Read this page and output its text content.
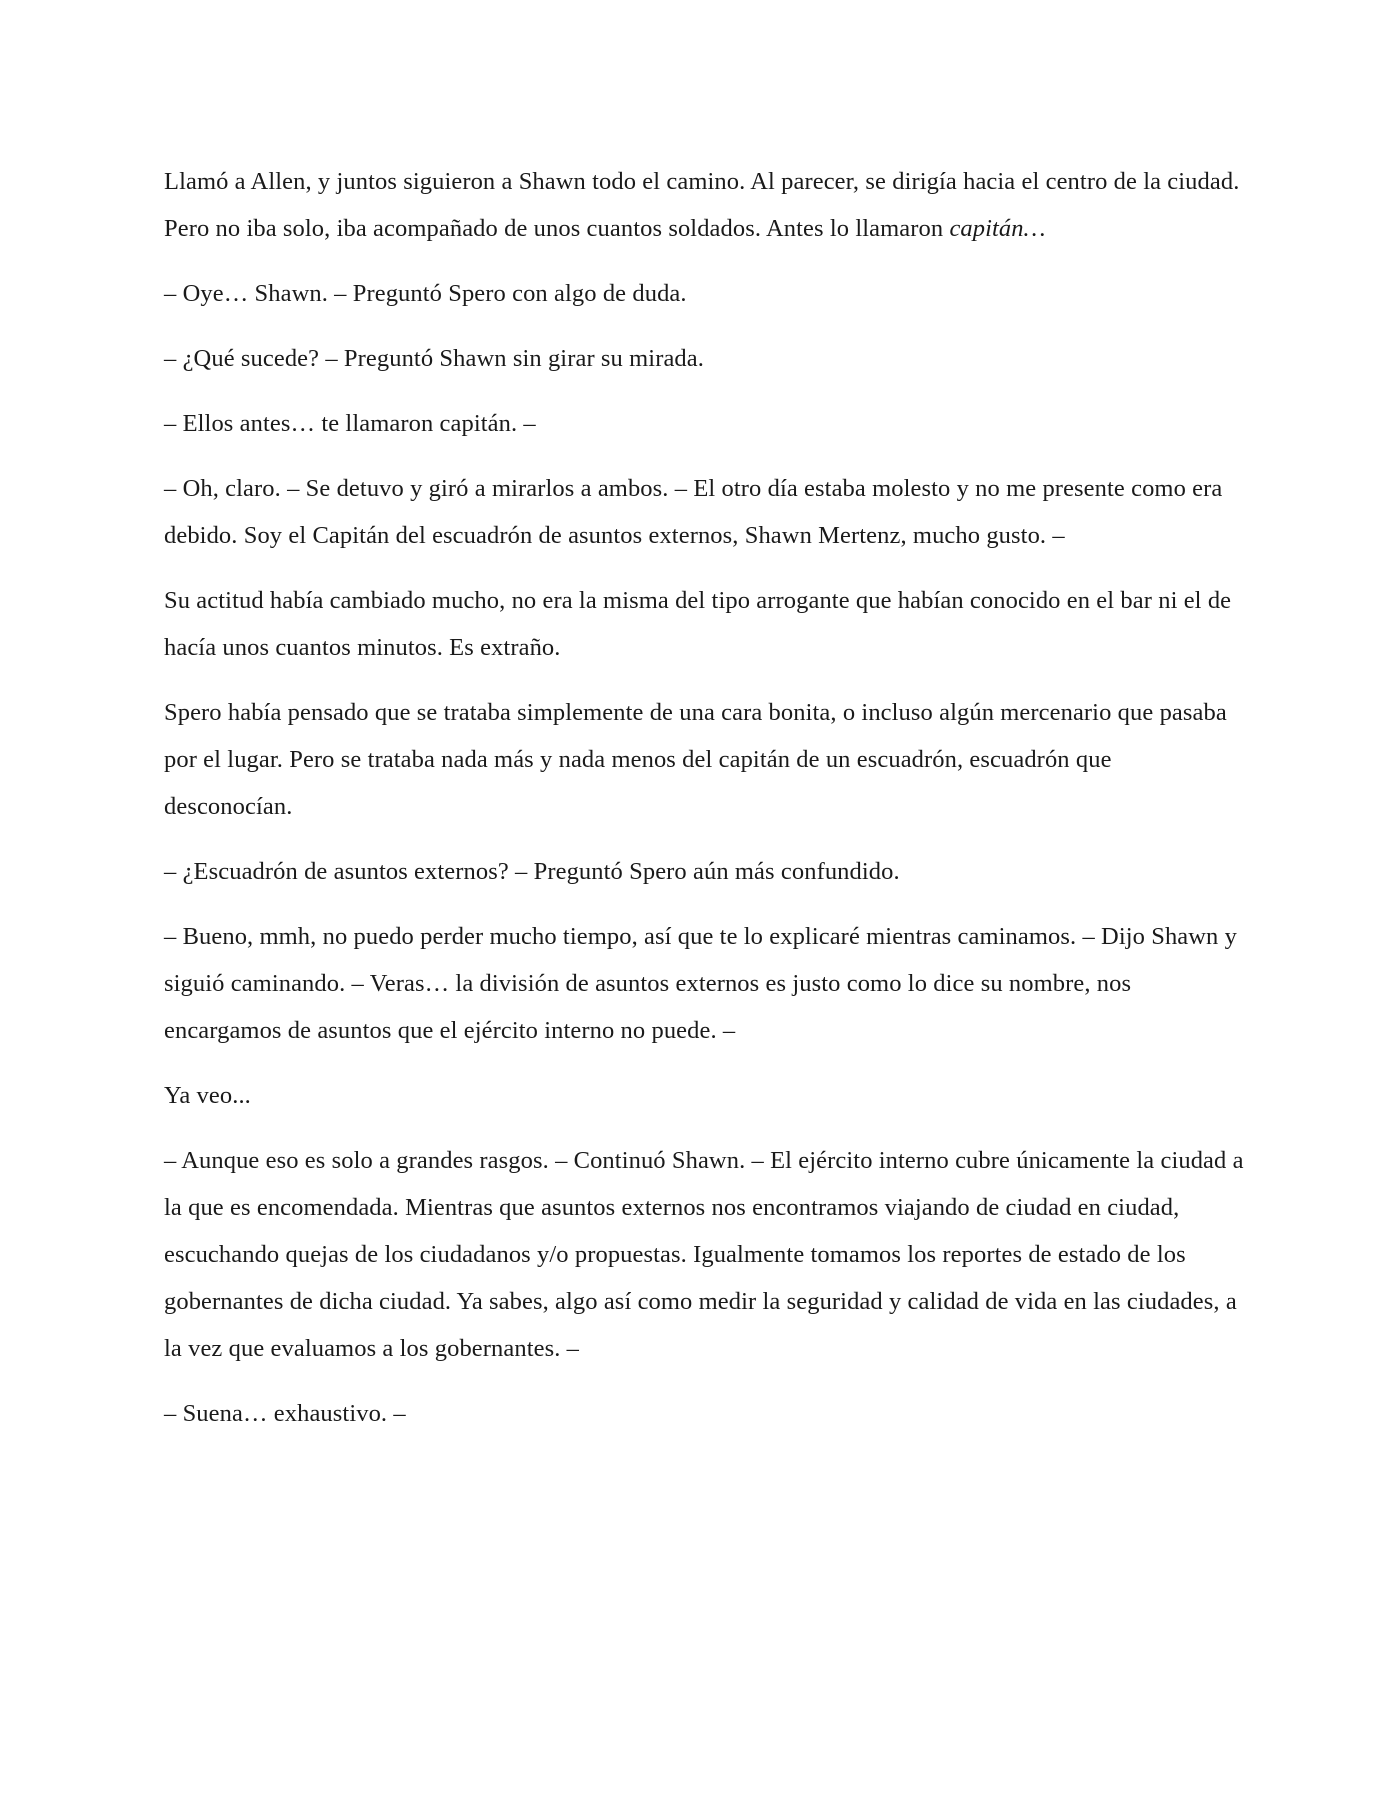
Llamó a Allen, y juntos siguieron a Shawn todo el camino. Al parecer, se dirigía hacia el centro de la ciudad. Pero no iba solo, iba acompañado de unos cuantos soldados. Antes lo llamaron capitán…

– Oye… Shawn. – Preguntó Spero con algo de duda.

– ¿Qué sucede? – Preguntó Shawn sin girar su mirada.

– Ellos antes… te llamaron capitán. –

– Oh, claro. – Se detuvo y giró a mirarlos a ambos. – El otro día estaba molesto y no me presente como era debido. Soy el Capitán del escuadrón de asuntos externos, Shawn Mertenz, mucho gusto. –

Su actitud había cambiado mucho, no era la misma del tipo arrogante que habían conocido en el bar ni el de hacía unos cuantos minutos. Es extraño.

Spero había pensado que se trataba simplemente de una cara bonita, o incluso algún mercenario que pasaba por el lugar. Pero se trataba nada más y nada menos del capitán de un escuadrón, escuadrón que desconocían.

– ¿Escuadrón de asuntos externos? – Preguntó Spero aún más confundido.

– Bueno, mmh, no puedo perder mucho tiempo, así que te lo explicaré mientras caminamos. – Dijo Shawn y siguió caminando. – Veras… la división de asuntos externos es justo como lo dice su nombre, nos encargamos de asuntos que el ejército interno no puede. –

Ya veo...

– Aunque eso es solo a grandes rasgos. – Continuó Shawn. – El ejército interno cubre únicamente la ciudad a la que es encomendada. Mientras que asuntos externos nos encontramos viajando de ciudad en ciudad, escuchando quejas de los ciudadanos y/o propuestas. Igualmente tomamos los reportes de estado de los gobernantes de dicha ciudad. Ya sabes, algo así como medir la seguridad y calidad de vida en las ciudades, a la vez que evaluamos a los gobernantes. –

– Suena… exhaustivo. –
